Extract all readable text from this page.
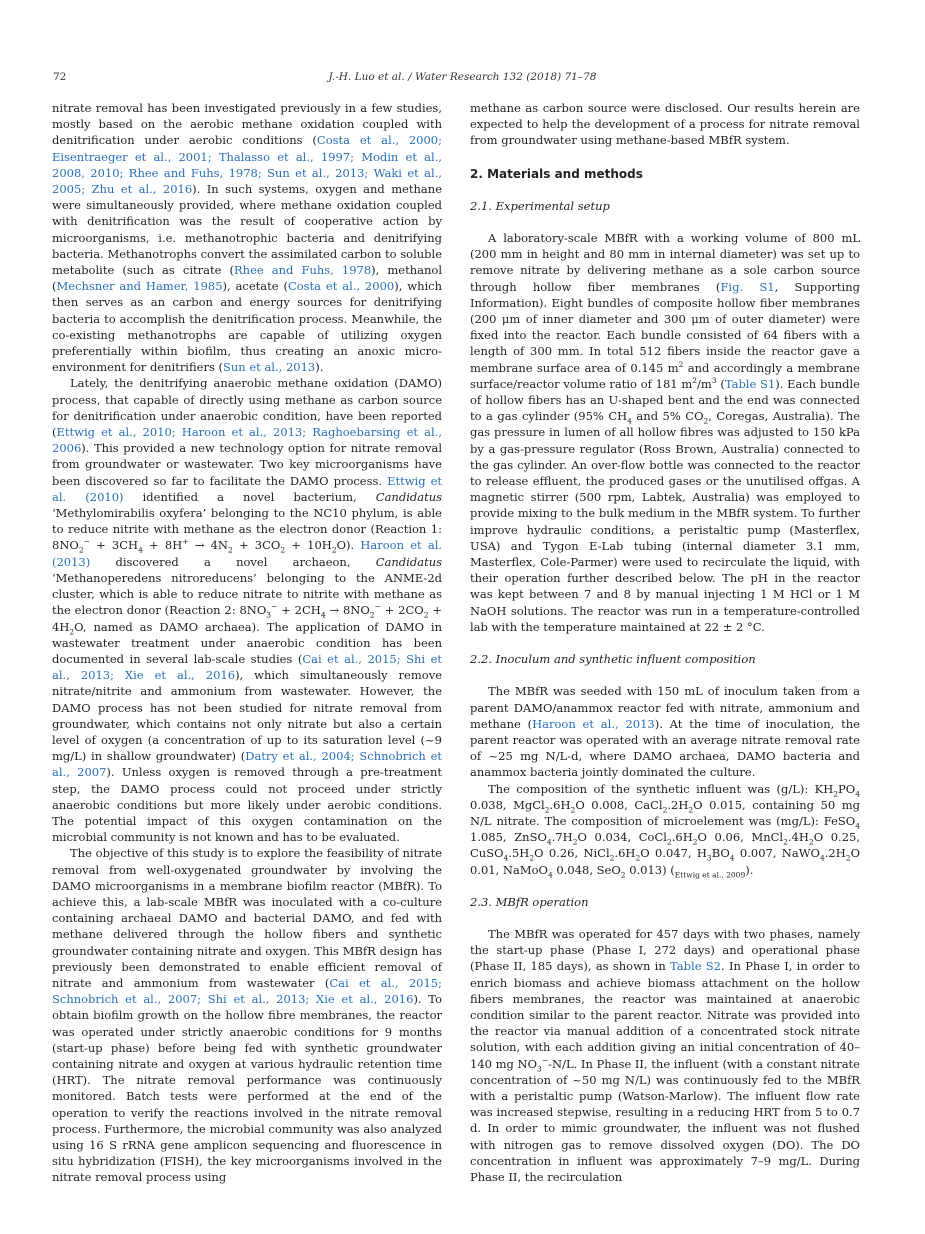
72	J.-H. Luo et al. / Water Research 132 (2018) 71–78

nitrate removal has been investigated previously in a few studies, mostly based on the aerobic methane oxidation coupled with denitrification under aerobic conditions (Costa et al., 2000; Eisentraeger et al., 2001; Thalasso et al., 1997; Modin et al., 2008, 2010; Rhee and Fuhs, 1978; Sun et al., 2013; Waki et al., 2005; Zhu et al., 2016). In such systems, oxygen and methane were simultaneously provided, where methane oxidation coupled with denitrification was the result of cooperative action by microorganisms, i.e. methanotrophic bacteria and denitrifying bacteria. Methanotrophs convert the assimilated carbon to soluble metabolite (such as citrate (Rhee and Fuhs, 1978), methanol (Mechsner and Hamer, 1985), acetate (Costa et al., 2000), which then serves as an carbon and energy sources for denitrifying bacteria to accomplish the denitrification process. Meanwhile, the co-existing methanotrophs are capable of utilizing oxygen preferentially within biofilm, thus creating an anoxic micro-environment for denitrifiers (Sun et al., 2013).

Lately, the denitrifying anaerobic methane oxidation (DAMO) process, that capable of directly using methane as carbon source for denitrification under anaerobic condition, have been reported (Ettwig et al., 2010; Haroon et al., 2013; Raghoebarsing et al., 2006). This provided a new technology option for nitrate removal from groundwater or wastewater. Two key microorganisms have been discovered so far to facilitate the DAMO process. Ettwig et al. (2010) identified a novel bacterium, Candidatus ‘Methylomirabilis oxyfera’ belonging to the NC10 phylum, is able to reduce nitrite with methane as the electron donor (Reaction 1: $8NO_2^- + 3CH_4 + 8H^+ \to 4N_2 + 3CO_2 + 10H_2O$). Haroon et al. (2013) discovered a novel archaeon, Candidatus ‘Methanoperedens nitroreducens’ belonging to the ANME-2d cluster, which is able to reduce nitrate to nitrite with methane as the electron donor (Reaction 2: $8NO_3^- + 2CH_4 \to 8NO_2^- + 2CO_2 + 4H_2O$, named as DAMO archaea). The application of DAMO in wastewater treatment under anaerobic condition has been documented in several lab-scale studies (Cai et al., 2015; Shi et al., 2013; Xie et al., 2016), which simultaneously remove nitrate/nitrite and ammonium from wastewater. However, the DAMO process has not been studied for nitrate removal from groundwater, which contains not only nitrate but also a certain level of oxygen (a concentration of up to its saturation level (~9 mg/L) in shallow groundwater) (Datry et al., 2004; Schnobrich et al., 2007). Unless oxygen is removed through a pre-treatment step, the DAMO process could not proceed under strictly anaerobic conditions but more likely under aerobic conditions. The potential impact of this oxygen contamination on the microbial community is not known and has to be evaluated.

The objective of this study is to explore the feasibility of nitrate removal from well-oxygenated groundwater by involving the DAMO microorganisms in a membrane biofilm reactor (MBfR). To achieve this, a lab-scale MBfR was inoculated with a co-culture containing archaeal DAMO and bacterial DAMO, and fed with methane delivered through the hollow fibers and synthetic groundwater containing nitrate and oxygen. This MBfR design has previously been demonstrated to enable efficient removal of nitrate and ammonium from wastewater (Cai et al., 2015; Schnobrich et al., 2007; Shi et al., 2013; Xie et al., 2016). To obtain biofilm growth on the hollow fibre membranes, the reactor was operated under strictly anaerobic conditions for 9 months (start-up phase) before being fed with synthetic groundwater containing nitrate and oxygen at various hydraulic retention time (HRT). The nitrate removal performance was continuously monitored. Batch tests were performed at the end of the operation to verify the reactions involved in the nitrate removal process. Furthermore, the microbial community was also analyzed using 16 S rRNA gene amplicon sequencing and fluorescence in situ hybridization (FISH), the key microorganisms involved in the nitrate removal process using

methane as carbon source were disclosed. Our results herein are expected to help the development of a process for nitrate removal from groundwater using methane-based MBfR system.

2. Materials and methods
2.1. Experimental setup

A laboratory-scale MBfR with a working volume of 800 mL (200 mm in height and 80 mm in internal diameter) was set up to remove nitrate by delivering methane as a sole carbon source through hollow fiber membranes (Fig. S1, Supporting Information). Eight bundles of composite hollow fiber membranes (200 μm of inner diameter and 300 μm of outer diameter) were fixed into the reactor. Each bundle consisted of 64 fibers with a length of 300 mm. In total 512 fibers inside the reactor gave a membrane surface area of 0.145 $m^2$ and accordingly a membrane surface/reactor volume ratio of 181 $m^2/m^3$ (Table S1). Each bundle of hollow fibers has an U-shaped bent and the end was connected to a gas cylinder (95% $CH_4$ and 5% $CO_2$, Coregas, Australia). The gas pressure in lumen of all hollow fibres was adjusted to 150 kPa by a gas-pressure regulator (Ross Brown, Australia) connected to the gas cylinder. An over-flow bottle was connected to the reactor to release effluent, the produced gases or the unutilised offgas. A magnetic stirrer (500 rpm, Labtek, Australia) was employed to provide mixing to the bulk medium in the MBfR system. To further improve hydraulic conditions, a peristaltic pump (Masterflex, USA) and Tygon E-Lab tubing (internal diameter 3.1 mm, Masterflex, Cole-Parmer) were used to recirculate the liquid, with their operation further described below. The pH in the reactor was kept between 7 and 8 by manual injecting 1 M HCl or 1 M NaOH solutions. The reactor was run in a temperature-controlled lab with the temperature maintained at 22 ± 2 °C.

2.2. Inoculum and synthetic influent composition

The MBfR was seeded with 150 mL of inoculum taken from a parent DAMO/anammox reactor fed with nitrate, ammonium and methane (Haroon et al., 2013). At the time of inoculation, the parent reactor was operated with an average nitrate removal rate of ~25 mg N/L-d, where DAMO archaea, DAMO bacteria and anammox bacteria jointly dominated the culture.

The composition of the synthetic influent was (g/L): $KH_2PO_4$ 0.038, $MgCl_2.6H_2O$ 0.008, $CaCl_2.2H_2O$ 0.015, containing 50 mg N/L nitrate. The composition of microelement was (mg/L): FeSO$_4$ 1.085, $ZnSO_4.7H_2O$ 0.034, $CoCl_2.6H_2O$ 0.06, $MnCl_2.4H_2O$ 0.25, $CuSO_4.5H_2O$ 0.26, $NiCl_2.6H_2O$ 0.047, $H_3BO_4$ 0.007, $NaWO_4.2H_2O$ 0.01, NaMoO$_4$ 0.048, SeO$_2$ 0.013) $(_{Ettwig et al., 2009})$.

2.3. MBfR operation

The MBfR was operated for 457 days with two phases, namely the start-up phase (Phase I, 272 days) and operational phase (Phase II, 185 days), as shown in Table S2. In Phase I, in order to enrich biomass and achieve biomass attachment on the hollow fibers membranes, the reactor was maintained at anaerobic condition similar to the parent reactor. Nitrate was provided into the reactor via manual addition of a concentrated stock nitrate solution, with each addition giving an initial concentration of 40–140 mg $NO_3^--N/L$. In Phase II, the influent (with a constant nitrate concentration of ~50 mg N/L) was continuously fed to the MBfR with a peristaltic pump (Watson-Marlow). The influent flow rate was increased stepwise, resulting in a reducing HRT from 5 to 0.7 d. In order to mimic groundwater, the influent was not flushed with nitrogen gas to remove dissolved oxygen (DO). The DO concentration in influent was approximately 7–9 mg/L. During Phase II, the recirculation
